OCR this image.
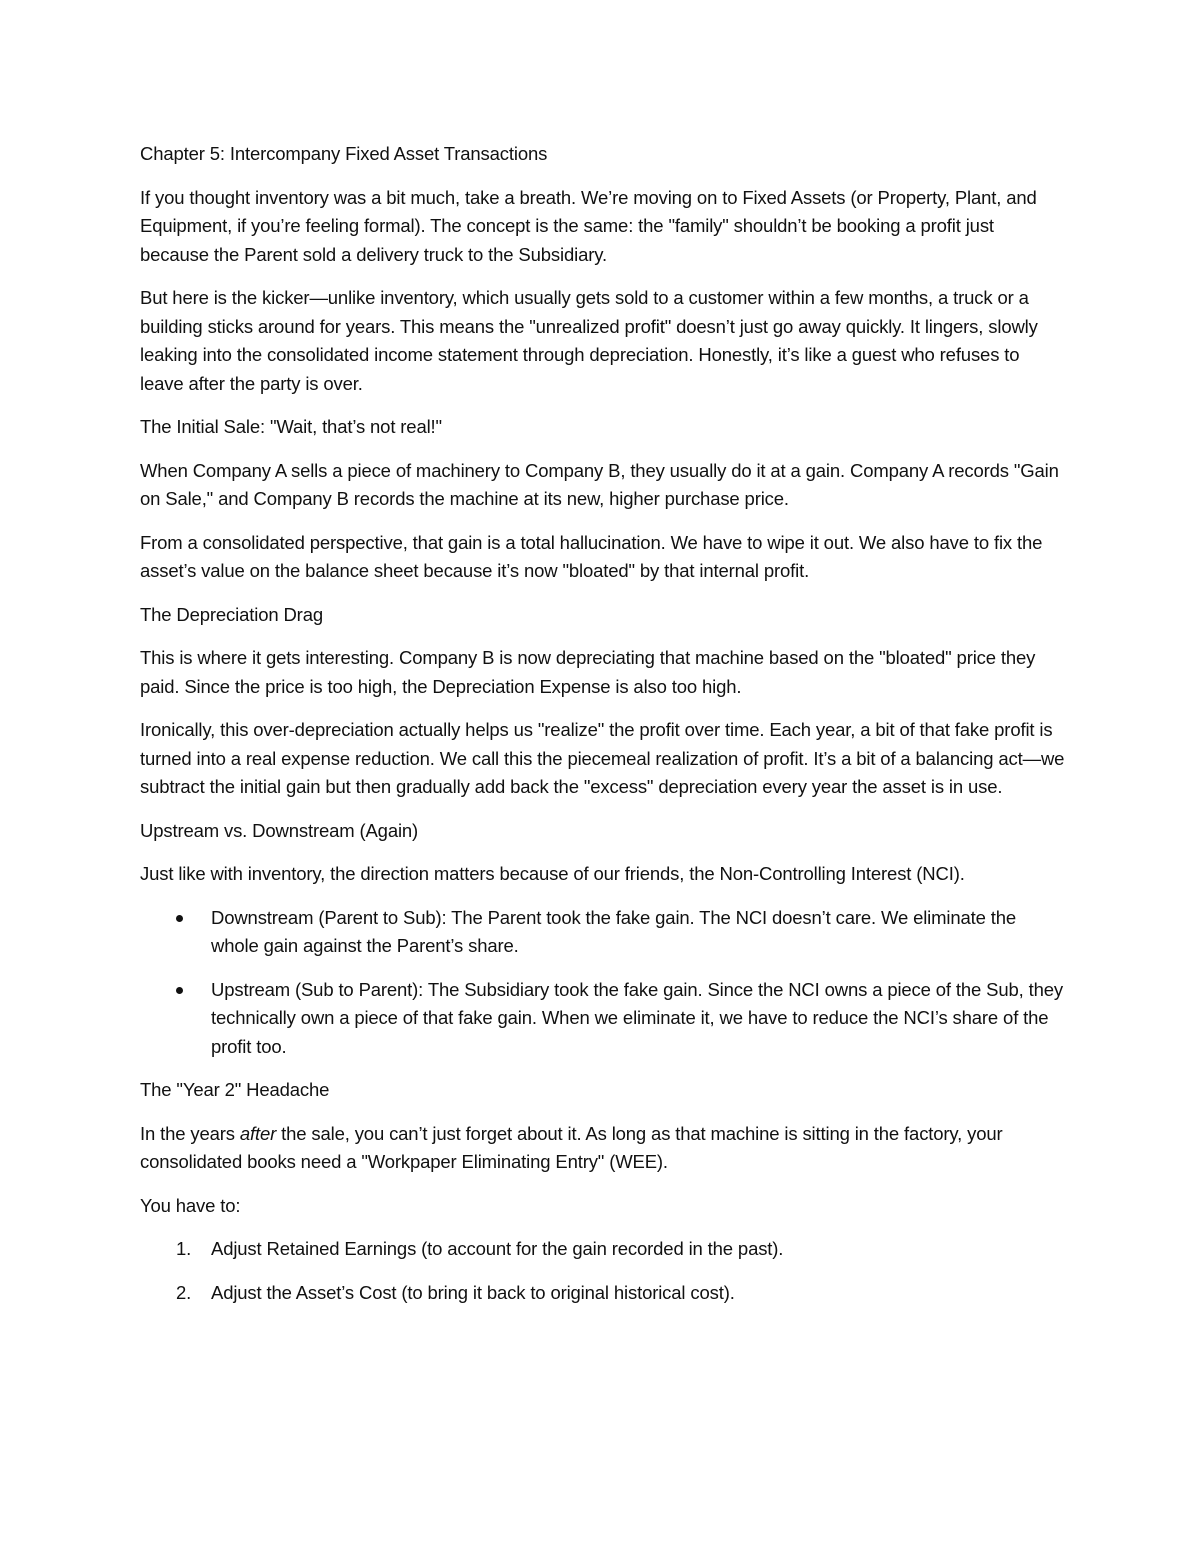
Chapter 5: Intercompany Fixed Asset Transactions

If you thought inventory was a bit much, take a breath. We’re moving on to Fixed Assets (or Property, Plant, and Equipment, if you’re feeling formal). The concept is the same: the "family" shouldn’t be booking a profit just because the Parent sold a delivery truck to the Subsidiary.

But here is the kicker—unlike inventory, which usually gets sold to a customer within a few months, a truck or a building sticks around for years. This means the "unrealized profit" doesn’t just go away quickly. It lingers, slowly leaking into the consolidated income statement through depreciation. Honestly, it’s like a guest who refuses to leave after the party is over.

The Initial Sale: "Wait, that’s not real!"

When Company A sells a piece of machinery to Company B, they usually do it at a gain. Company A records "Gain on Sale," and Company B records the machine at its new, higher purchase price.

From a consolidated perspective, that gain is a total hallucination. We have to wipe it out. We also have to fix the asset’s value on the balance sheet because it’s now "bloated" by that internal profit.

The Depreciation Drag

This is where it gets interesting. Company B is now depreciating that machine based on the "bloated" price they paid. Since the price is too high, the Depreciation Expense is also too high.

Ironically, this over-depreciation actually helps us "realize" the profit over time. Each year, a bit of that fake profit is turned into a real expense reduction. We call this the piecemeal realization of profit. It’s a bit of a balancing act—we subtract the initial gain but then gradually add back the "excess" depreciation every year the asset is in use.

Upstream vs. Downstream (Again)

Just like with inventory, the direction matters because of our friends, the Non-Controlling Interest (NCI).

Downstream (Parent to Sub): The Parent took the fake gain. The NCI doesn’t care. We eliminate the whole gain against the Parent’s share.
Upstream (Sub to Parent): The Subsidiary took the fake gain. Since the NCI owns a piece of the Sub, they technically own a piece of that fake gain. When we eliminate it, we have to reduce the NCI’s share of the profit too.

The "Year 2" Headache

In the years after the sale, you can’t just forget about it. As long as that machine is sitting in the factory, your consolidated books need a "Workpaper Eliminating Entry" (WEE).

You have to:

1. Adjust Retained Earnings (to account for the gain recorded in the past).
2. Adjust the Asset’s Cost (to bring it back to original historical cost).
